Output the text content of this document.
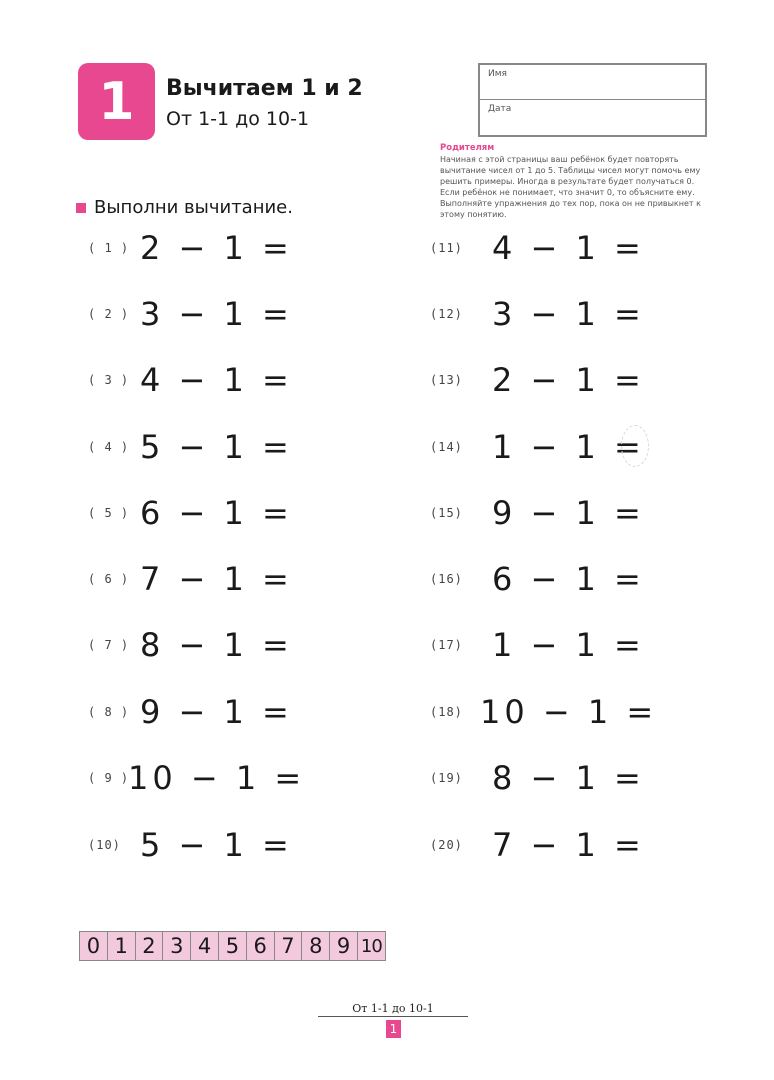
1	Вычитаем 1 и 2
От 1-1 до 10-1
Имя
Дата
Родителям
Начиная с этой страницы ваш ребёнок будет повторять вычитание чисел от 1 до 5. Таблицы чисел могут помочь ему решить примеры. Иногда в результате будет получаться 0. Если ребёнок не понимает, что значит 0, то объясните ему. Выполняйте упражнения до тех пор, пока он не привыкнет к этому понятию.
Выполни вычитание.
( 1 ) 2 − 1 =
( 2 ) 3 − 1 =
( 3 ) 4 − 1 =
( 4 ) 5 − 1 =
( 5 ) 6 − 1 =
( 6 ) 7 − 1 =
( 7 ) 8 − 1 =
( 8 ) 9 − 1 =
( 9 )
10 − 1 =
(10) 5 − 1 =
(11) 4 − 1 =
(12) 3 − 1 =
(13) 2 − 1 =
(14) 1 − 1 =
(15) 9 − 1 =
(16) 6 − 1 =
(17) 1 − 1 =
(18) 10 − 1 =
(19) 8 − 1 =
(20) 7 − 1 =
0 1 2 3 4 5 6 7 8 9 10
От 1-1 до 10-1
1
